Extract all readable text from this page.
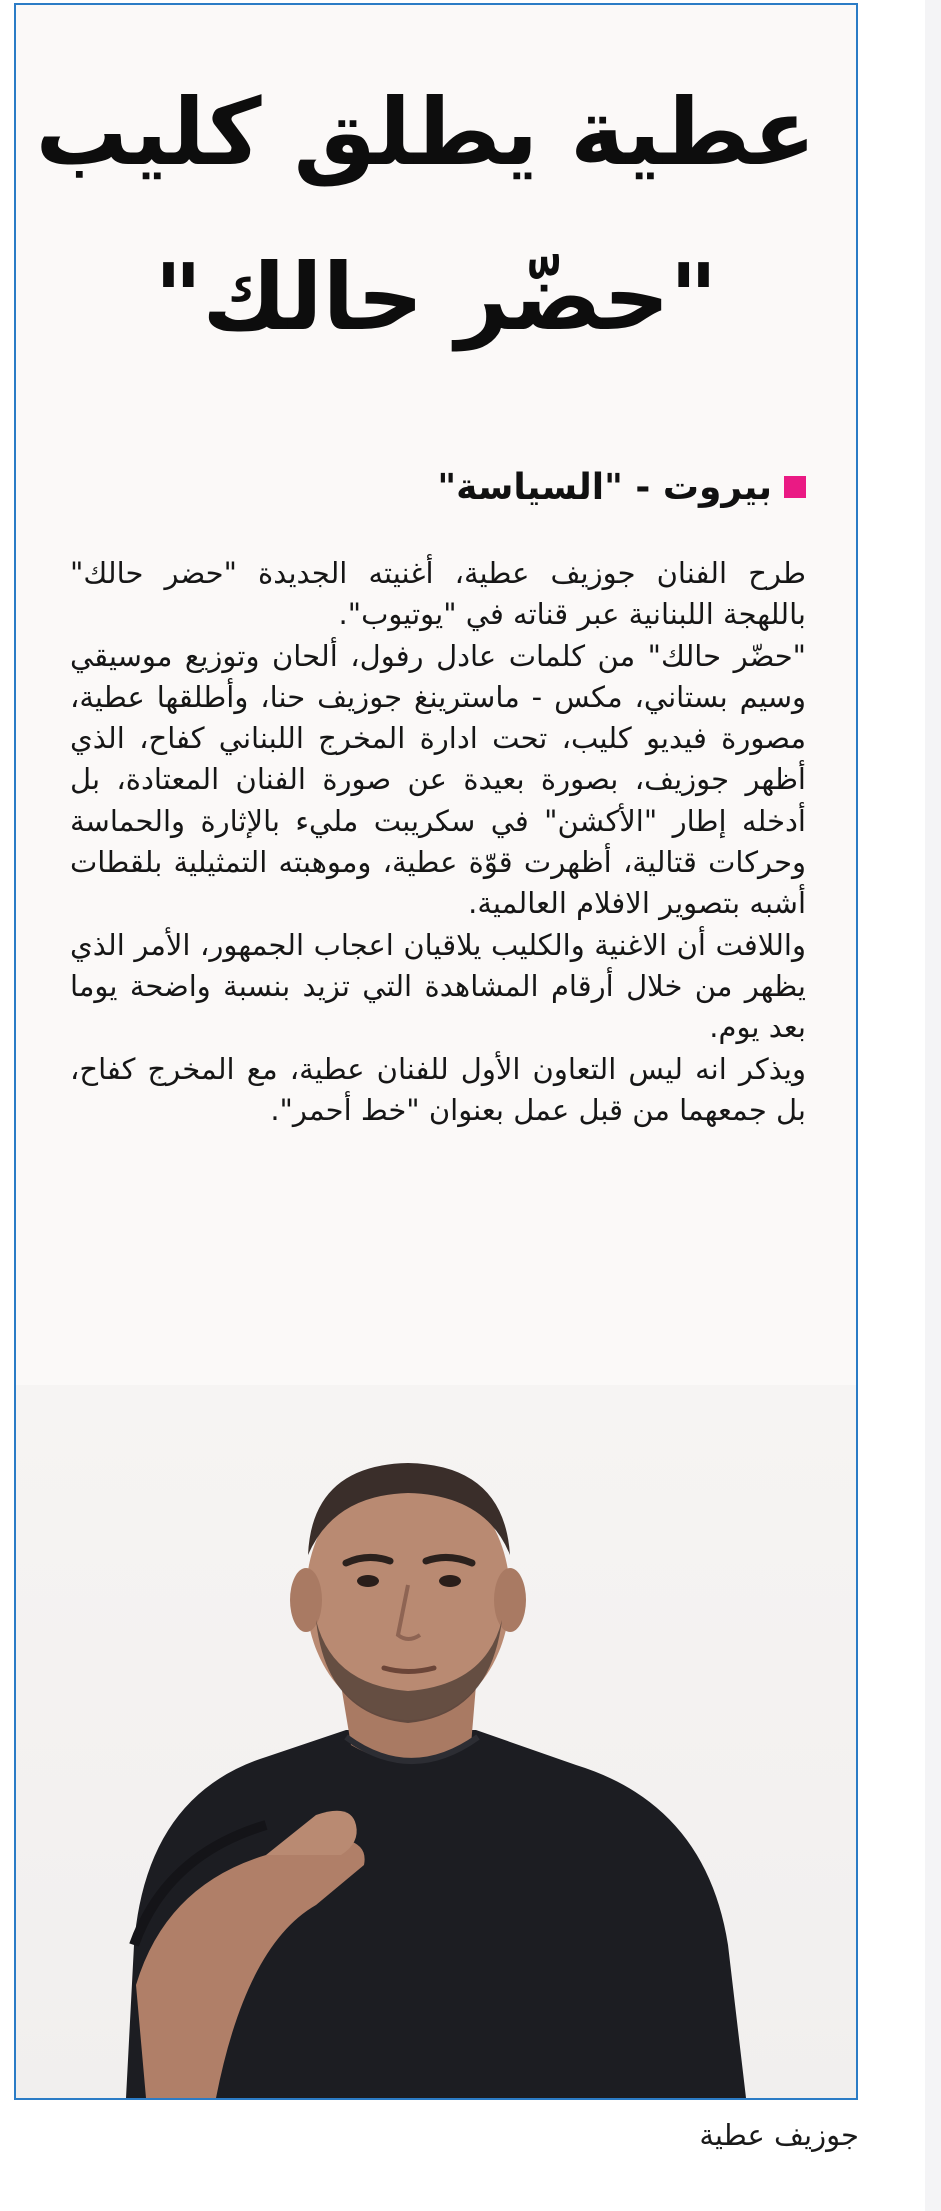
عطية يطلق كليب
"حضّر حالك"
بيروت - "السياسة"

طرح الفنان جوزيف عطية، أغنيته الجديدة "حضر حالك" باللهجة اللبنانية عبر قناته في "يوتيوب".

"حضّر حالك" من كلمات عادل رفول، ألحان وتوزيع موسيقي وسيم بستاني، مكس - ماسترينغ جوزيف حنا، وأطلقها عطية، مصورة فيديو كليب، تحت ادارة المخرج اللبناني كفاح، الذي أظهر جوزيف، بصورة بعيدة عن صورة الفنان المعتادة، بل أدخله إطار "الأكشن" في سكريبت مليء بالإثارة والحماسة وحركات قتالية، أظهرت قوّة عطية، وموهبته التمثيلية بلقطات أشبه بتصوير الافلام العالمية.

واللافت أن الاغنية والكليب يلاقيان اعجاب الجمهور، الأمر الذي يظهر من خلال أرقام المشاهدة التي تزيد بنسبة واضحة يوما بعد يوم.

ويذكر انه ليس التعاون الأول للفنان عطية، مع المخرج كفاح، بل جمعهما من قبل عمل بعنوان "خط أحمر".

جوزيف عطية
